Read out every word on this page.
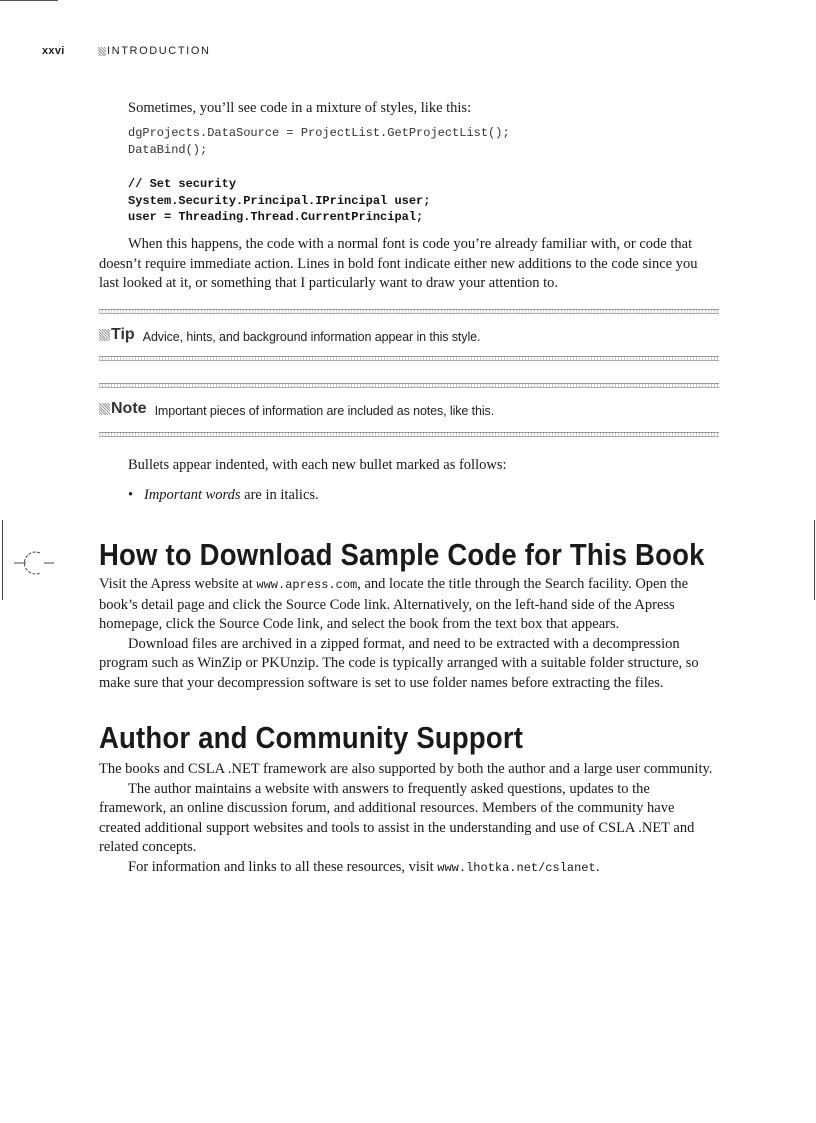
xxvi	INTRODUCTION

Sometimes, you’ll see code in a mixture of styles, like this:

dgProjects.DataSource = ProjectList.GetProjectList();
DataBind();
// Set security
System.Security.Principal.IPrincipal user;
user = Threading.Thread.CurrentPrincipal;

When this happens, the code with a normal font is code you’re already familiar with, or code that doesn’t require immediate action. Lines in bold font indicate either new additions to the code since you last looked at it, or something that I particularly want to draw your attention to.

Tip Advice, hints, and background information appear in this style.
Note Important pieces of information are included as notes, like this.

Bullets appear indented, with each new bullet marked as follows:

• Important words are in italics.
How to Download Sample Code for This Book

Visit the Apress website at www.apress.com, and locate the title through the Search facility. Open the book’s detail page and click the Source Code link. Alternatively, on the left-hand side of the Apress homepage, click the Source Code link, and select the book from the text box that appears.

Download files are archived in a zipped format, and need to be extracted with a decompression program such as WinZip or PKUnzip. The code is typically arranged with a suitable folder structure, so make sure that your decompression software is set to use folder names before extracting the files.

Author and Community Support

The books and CSLA .NET framework are also supported by both the author and a large user community.

The author maintains a website with answers to frequently asked questions, updates to the framework, an online discussion forum, and additional resources. Members of the community have created additional support websites and tools to assist in the understanding and use of CSLA .NET and related concepts.

For information and links to all these resources, visit www.lhotka.net/cslanet.
